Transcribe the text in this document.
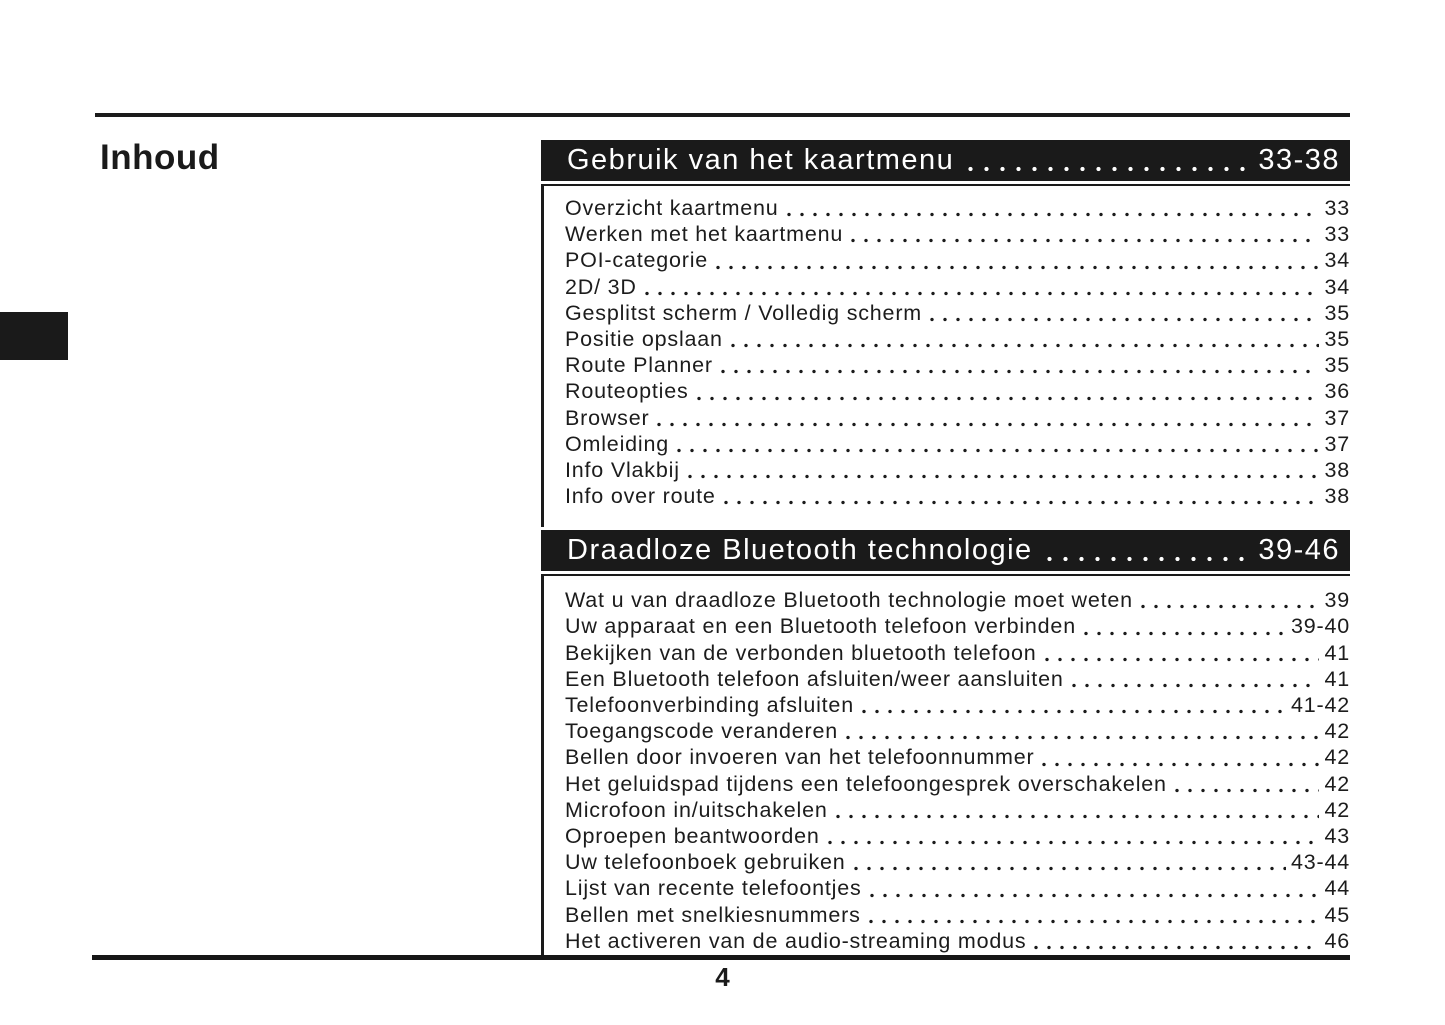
Inhoud	Gebruik van het kaartmenu	33-38
Overzicht kaartmenu	33
Werken met het kaartmenu	33
POI-categorie	34
2D/ 3D	34
Gesplitst scherm / Volledig scherm	35
Positie opslaan	35
Route Planner	35
Routeopties	36
Browser	37
Omleiding	37
Info Vlakbij	38
Info over route	38
Draadloze Bluetooth technologie	39-46
Wat u van draadloze Bluetooth technologie moet weten	39
Uw apparaat en een Bluetooth telefoon verbinden	39-40
Bekijken van de verbonden bluetooth telefoon	41
Een Bluetooth telefoon afsluiten/weer aansluiten	41
Telefoonverbinding afsluiten	41-42
Toegangscode veranderen	42
Bellen door invoeren van het telefoonnummer	42
Het geluidspad tijdens een telefoongesprek overschakelen	42
Microfoon in/uitschakelen	42
Oproepen beantwoorden	43
Uw telefoonboek gebruiken	43-44
Lijst van recente telefoontjes	44
Bellen met snelkiesnummers	45
Het activeren van de audio-streaming modus	46
4
